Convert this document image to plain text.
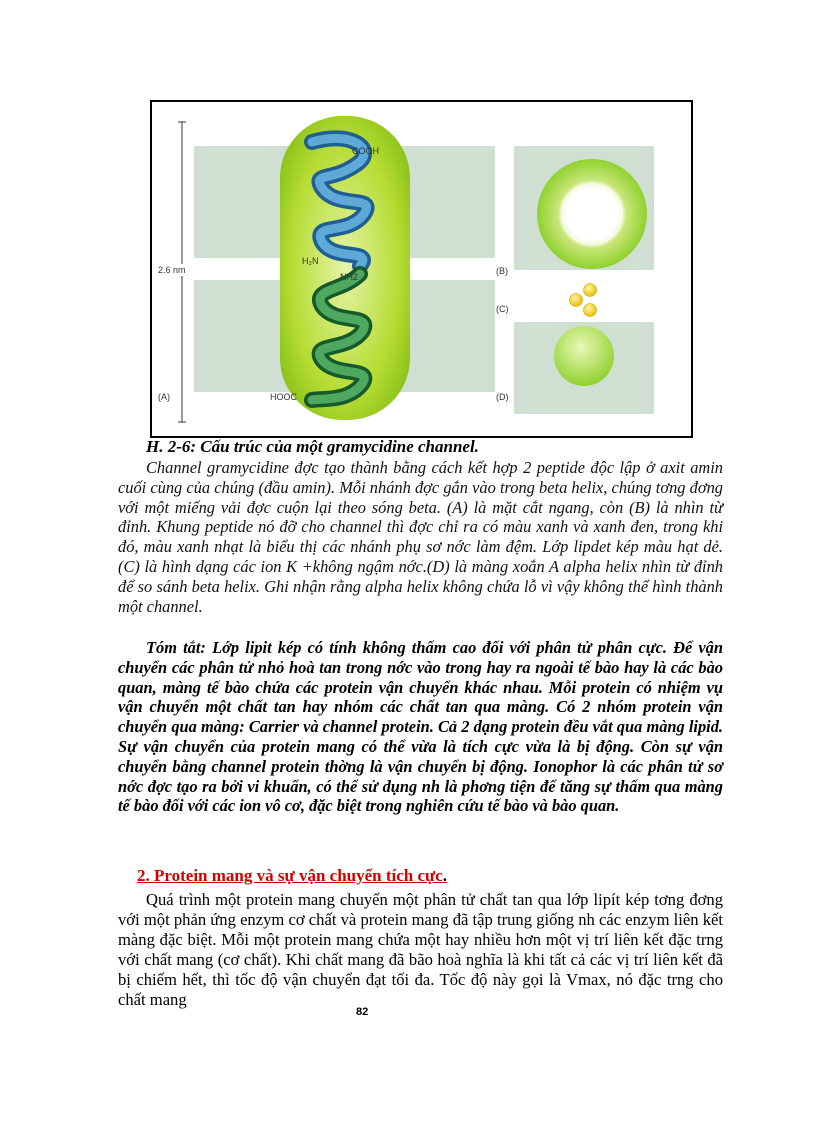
2.6 nm
COOH
H₂N
NH2
HOOC
(A)
(B)
(C)
(D)
H. 2-6: Cấu trúc của một gramycidine channel.

Channel gramycidine đợc tạo thành bằng cách kết hợp 2 peptide độc lập ở axit amin cuối cùng của chúng (đầu amin). Mỗi nhánh đợc gắn vào trong beta helix, chúng tơng đơng với một miếng vải đợc cuộn lại theo sóng beta. (A) là mặt cắt ngang, còn (B) là nhìn từ đỉnh. Khung peptide nó đỡ cho channel thì đợc chỉ ra có màu xanh và xanh đen, trong khi đó, màu xanh nhạt là biểu thị các nhánh phụ sơ nớc làm đệm. Lớp lipdet kép màu hạt dẻ.(C) là hình dạng các ion K +không ngậm nớc.(D) là màng xoắn A alpha helix nhìn từ đỉnh để so sánh beta helix. Ghi nhận rằng alpha helix không chứa lỗ vì vậy không thể hình thành một channel.

Tóm tắt: Lớp lipit kép có tính không thấm cao đối với phân tử phân cực. Để vận chuyển các phân tử nhỏ hoà tan trong nớc vào trong hay ra ngoài tế bào hay là các bào quan, màng tế bào chứa các protein vận chuyển khác nhau. Mỗi protein có nhiệm vụ vận chuyển một chất tan hay nhóm các chất tan qua màng. Có 2 nhóm protein vận chuyển qua màng: Carrier và channel protein. Cả 2 dạng protein đều vắt qua màng lipid. Sự vận chuyển của protein mang có thể vừa là tích cực vừa là bị động. Còn sự vận chuyển bằng channel protein thờng là vận chuyển bị động. Ionophor là các phân tử sơ nớc đợc tạo ra bởi vi khuẩn, có thể sử dụng nh là phơng tiện để tăng sự thấm qua màng tế bào đối với các ion vô cơ, đặc biệt trong nghiên cứu tế bào và bào quan.

2. Protein mang và sự vận chuyển tích cực.

Quá trình một protein mang chuyển một phân tử chất tan qua lớp lipít kép tơng đơng với một phản ứng enzym cơ chất và protein mang đã tập trung giống nh các enzym liên kết màng đặc biệt. Mỗi một protein mang chứa một hay nhiều hơn một vị trí liên kết đặc trng với chất mang (cơ chất). Khi chất mang đã bão hoà nghĩa là khi tất cả các vị trí liên kết đã bị chiếm hết, thì tốc độ vận chuyển đạt tối đa. Tốc độ này gọi là Vmax, nó đặc trng cho chất mang

82
